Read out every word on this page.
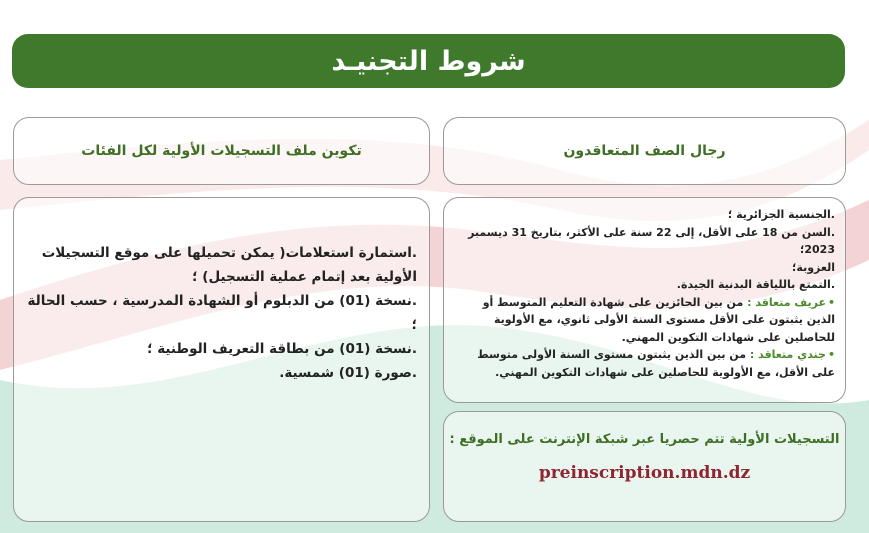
شروط التجنيـد
تكوين ملف التسجيلات الأولية لكل الفئات	رجال الصف المتعاقدون

.استمارة استعلامات( يمكن تحميلها على موقع التسجيلات الأولية بعد إتمام عملية التسجيل) ؛

.نسخة (01) من الدبلوم أو الشهادة المدرسية ، حسب الحالة ؛

.نسخة (01) من بطاقة التعريف الوطنية ؛

.صورة (01) شمسية.

.الجنسية الجزائرية ؛

.السن من 18 على الأقل، إلى 22 سنة على الأكثر، بتاريخ 31 ديسمبر 2023؛

العزوبة؛

.التمتع باللياقة البدنية الجيدة.

•عريف متعاقد : من بين الحائزين على شهادة التعليم المتوسط أو الذين يثبتون على الأقل مستوى السنة الأولى ثانوي، مع الأولوية للحاصلين على شهادات التكوين المهني.

•جندي متعاقد : من بين الذين يثبتون مستوى السنة الأولى متوسط على الأقل، مع الأولوية للحاصلين على شهادات التكوين المهني.

التسجيلات الأولية تتم حصريا عبر شبكة الإنترنت على الموقع :
preinscription.mdn.dz
